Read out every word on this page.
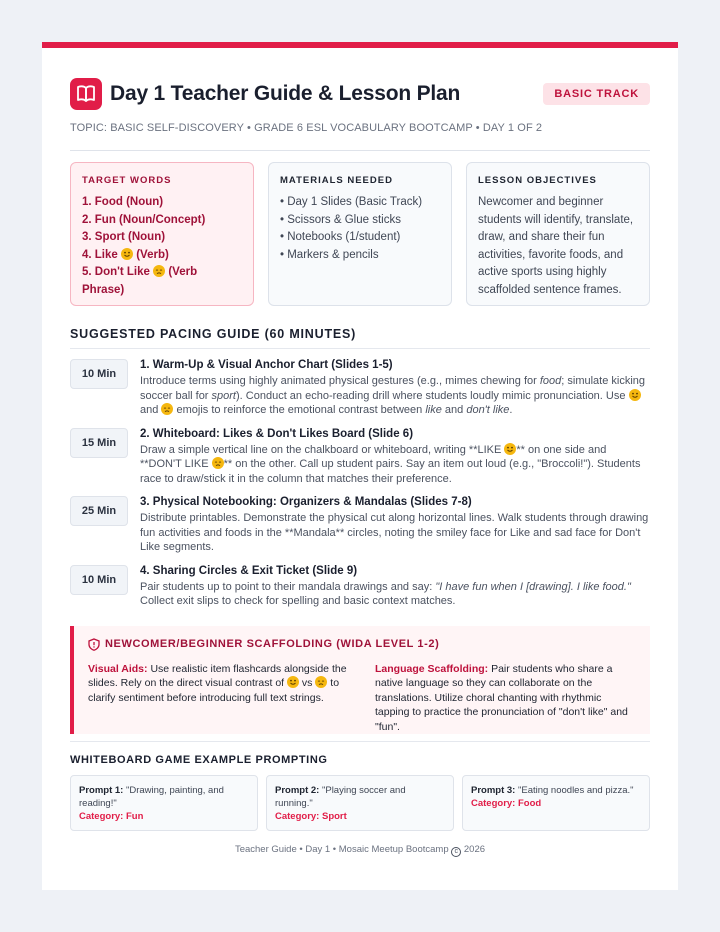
Day 1 Teacher Guide & Lesson Plan	BASIC TRACK
TOPIC: BASIC SELF-DISCOVERY • GRADE 6 ESL VOCABULARY BOOTCAMP • DAY 1 OF 2
TARGET WORDS
1. Food (Noun)
2. Fun (Noun/Concept)
3. Sport (Noun)
4. Like (Verb)
5. Don't Like (Verb Phrase)
MATERIALS NEEDED
• Day 1 Slides (Basic Track)
• Scissors & Glue sticks
• Notebooks (1/student)
• Markers & pencils
LESSON OBJECTIVES
Newcomer and beginner students will identify, translate, draw, and share their fun activities, favorite foods, and active sports using highly scaffolded sentence frames.
SUGGESTED PACING GUIDE (60 MINUTES)
10 Min
1. Warm-Up & Visual Anchor Chart (Slides 1-5)

Introduce terms using highly animated physical gestures (e.g., mimes chewing for food; simulate kicking soccer ball for sport). Conduct an echo-reading drill where students loudly mimic pronunciation. Use
and
emojis to reinforce the emotional contrast between like and don't like.

15 Min
2. Whiteboard: Likes & Don't Likes Board (Slide 6)

Draw a simple vertical line on the chalkboard or whiteboard, writing **LIKE
** on one side and **DON'T LIKE
** on the other. Call up student pairs. Say an item out loud (e.g., "Broccoli!"). Students race to draw/stick it in the column that matches their preference.

25 Min
3. Physical Notebooking: Organizers & Mandalas (Slides 7-8)

Distribute printables. Demonstrate the physical cut along horizontal lines. Walk students through drawing fun activities and foods in the **Mandala** circles, noting the smiley face for Like and sad face for Don't Like segments.

10 Min
4. Sharing Circles & Exit Ticket (Slide 9)

Pair students up to point to their mandala drawings and say: "I have fun when I [drawing]. I like food." Collect exit slips to check for spelling and basic context matches.

NEWCOMER/BEGINNER SCAFFOLDING (WIDA LEVEL 1-2)

Visual Aids: Use realistic item flashcards alongside the slides. Rely on the direct visual contrast of
vs
to clarify sentiment before introducing full text strings.

Language Scaffolding: Pair students who share a native language so they can collaborate on the translations. Utilize choral chanting with rhythmic tapping to practice the pronunciation of "don't like" and "fun".

WHITEBOARD GAME EXAMPLE PROMPTING
Prompt 1: "Drawing, painting, and reading!"
Category: Fun
Prompt 2: "Playing soccer and running."
Category: Sport
Prompt 3: "Eating noodles and pizza."
Category: Food
Teacher Guide • Day 1 • Mosaic Meetup Bootcamp c 2026
